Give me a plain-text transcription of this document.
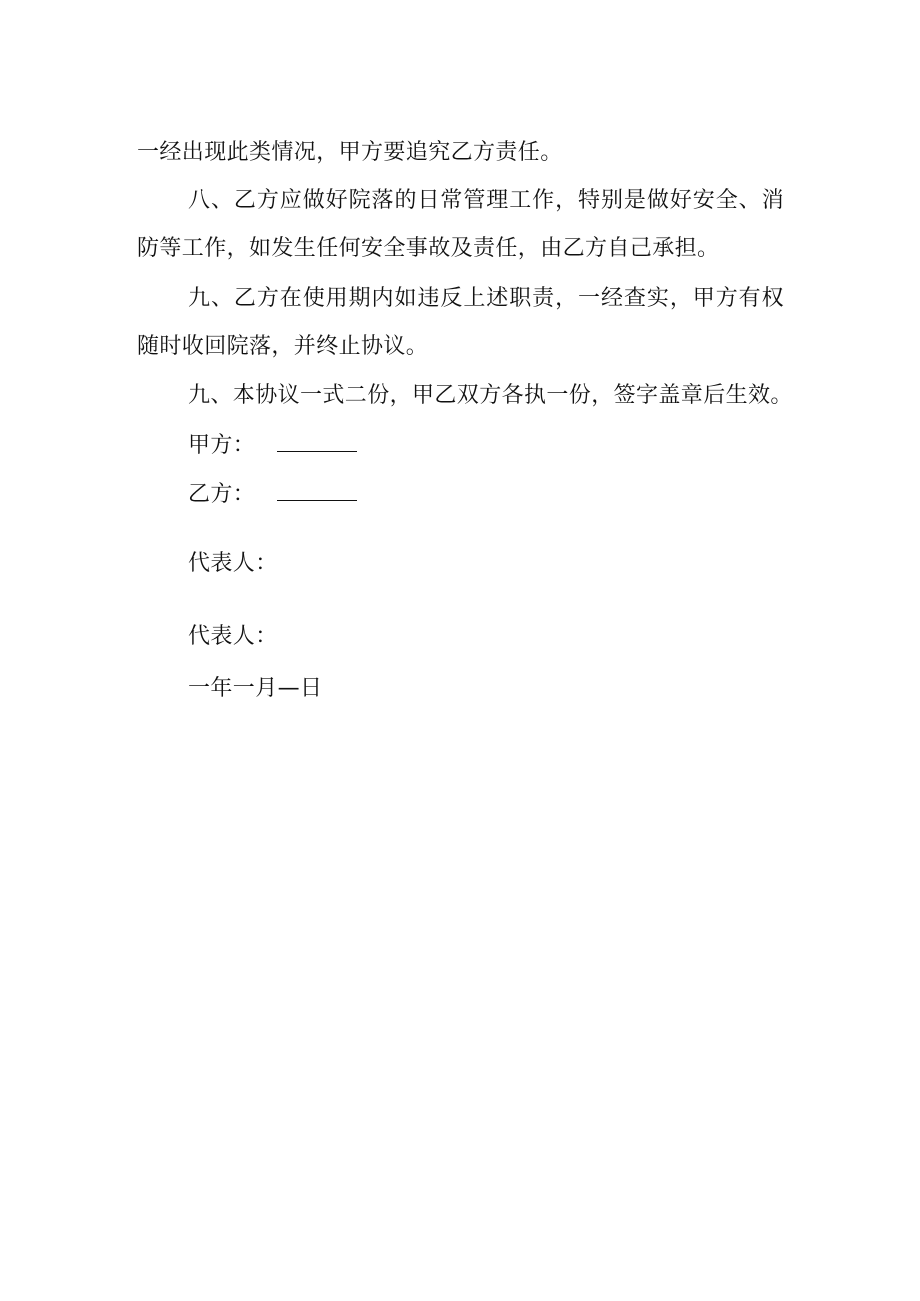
一经出现此类情况，甲方要追究乙方责任。
八、乙方应做好院落的日常管理工作，特别是做好安全、消
防等工作，如发生任何安全事故及责任，由乙方自己承担。
九、乙方在使用期内如违反上述职责，一经查实，甲方有权
随时收回院落，并终止协议。
九、本协议一式二份，甲乙双方各执一份，签字盖章后生效。
甲方：
乙方：
代表人：
代表人：
一年一月—日
